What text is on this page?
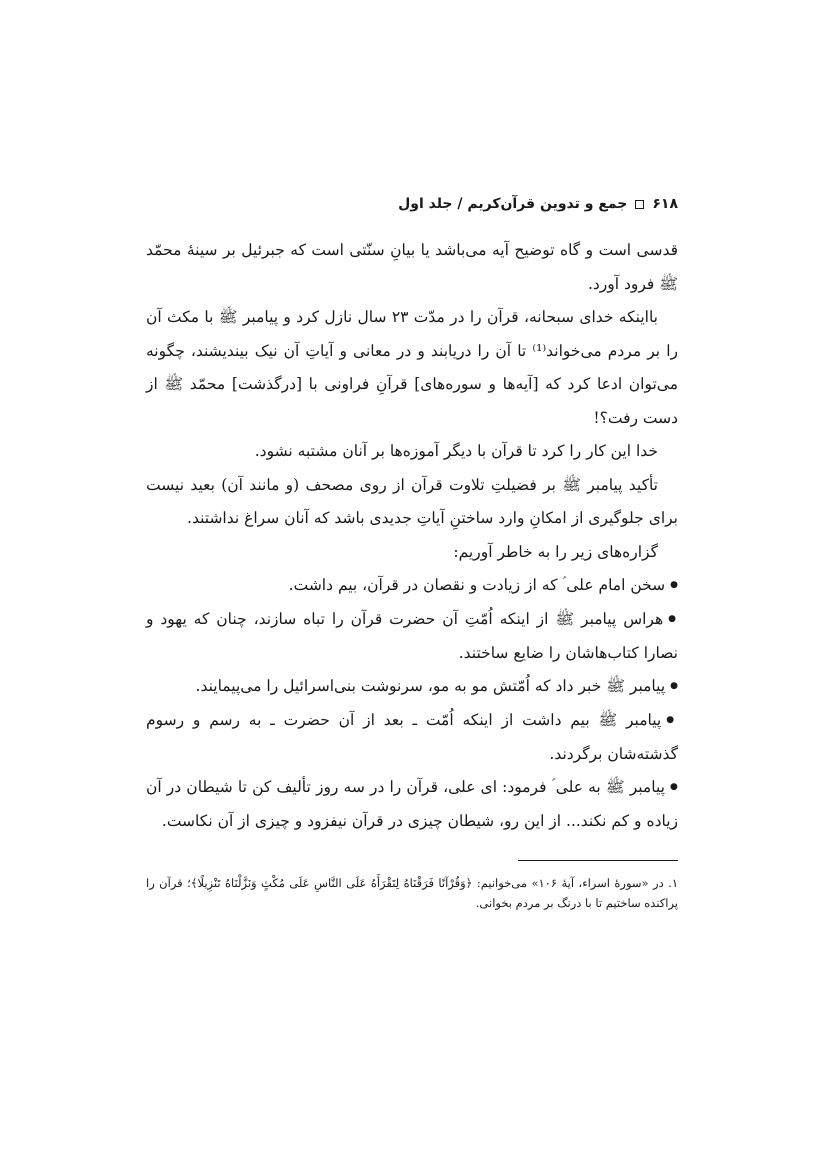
۶۱۸
جمع و تدوین قرآن‌کریم / جلد اول

قدسی است و گاه توضیح آیه می‌باشد یا بیانِ سنّتی است که جبرئیل بر سینهٔ محمّد ﷺ فرود آورد.

بااینکه خدای سبحانه، قرآن را در مدّت ۲۳ سال نازل کرد و پیامبر ﷺ با مکث آن را بر مردم می‌خواند⁽¹⁾ تا آن را دریابند و در معانی و آیاتِ آن نیک بیندیشند، چگونه می‌توان ادعا کرد که [آیه‌ها و سوره‌های] قرآنِ فراونی با [درگذشت] محمّد ﷺ از دست رفت؟!

خدا این کار را کرد تا قرآن با دیگر آموزه‌ها بر آنان مشتبه نشود.

تأکید پیامبر ﷺ بر فضیلتِ تلاوت قرآن از روی مصحف (و مانند آن) بعید نیست برای جلوگیری از امکانِ وارد ساختنِ آیاتِ جدیدی باشد که آنان سراغ نداشتند.

گزاره‌های زیر را به خاطر آوریم:

● سخن امام علی ؑ که از زیادت و نقصان در قرآن، بیم داشت.

● هراس پیامبر ﷺ از اینکه اُمّتِ آن حضرت قرآن را تباه سازند، چنان که یهود و نصارا کتاب‌هاشان را ضایع ساختند.

● پیامبر ﷺ خبر داد که اُمّتش مو به مو، سرنوشت بنی‌اسرائیل را می‌پیمایند.

● پیامبر ﷺ بیم داشت از اینکه اُمّت ـ بعد از آن حضرت ـ به رسم و رسوم گذشته‌شان برگردند.

● پیامبر ﷺ به علی ؑ فرمود: ای علی، قرآن را در سه روز تألیف کن تا شیطان در آن زیاده و کم نکند... از این رو، شیطان چیزی در قرآن نیفزود و چیزی از آن نکاست.

۱. در «سورهٔ اسراء، آیهٔ ۱۰۶» می‌خوانیم: ﴿وَقُرْآنًا فَرَقْنَاهُ لِتَقْرَأَهُ عَلَى النَّاسِ عَلَى مُكْثٍ وَنَزَّلْنَاهُ تَنْزِيلًا﴾؛ قرآن را پراکنده ساختیم تا با درنگ بر مردم بخوانی.
